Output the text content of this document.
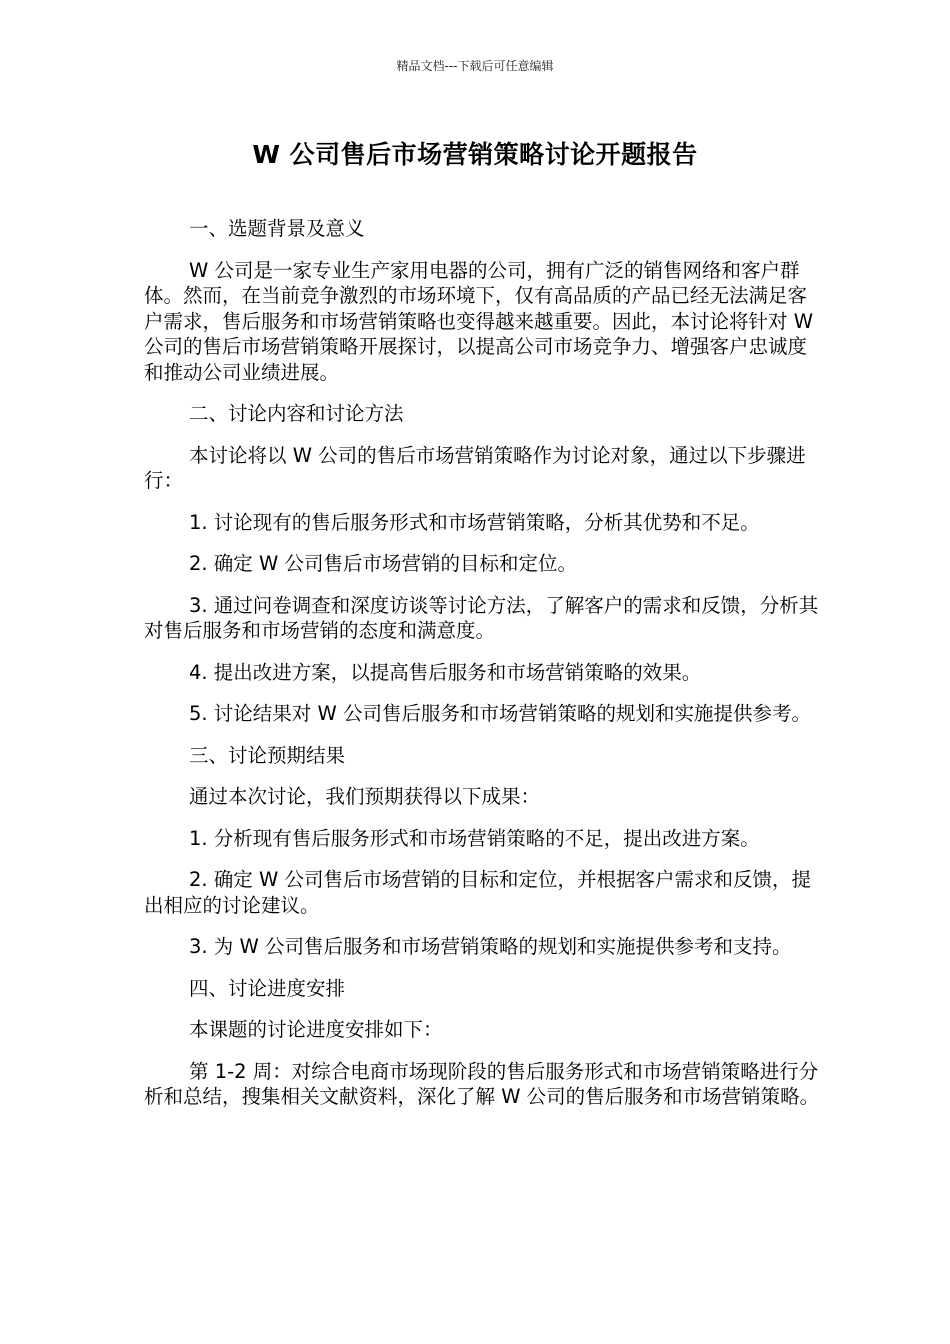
精品文档---下载后可任意编辑
W 公司售后市场营销策略讨论开题报告

一、选题背景及意义

W 公司是一家专业生产家用电器的公司，拥有广泛的销售网络和客户群体。然而，在当前竞争激烈的市场环境下，仅有高品质的产品已经无法满足客户需求，售后服务和市场营销策略也变得越来越重要。因此，本讨论将针对 W 公司的售后市场营销策略开展探讨，以提高公司市场竞争力、增强客户忠诚度和推动公司业绩进展。

二、讨论内容和讨论方法

本讨论将以 W 公司的售后市场营销策略作为讨论对象，通过以下步骤进行：

1. 讨论现有的售后服务形式和市场营销策略，分析其优势和不足。

2. 确定 W 公司售后市场营销的目标和定位。

3. 通过问卷调查和深度访谈等讨论方法，了解客户的需求和反馈，分析其对售后服务和市场营销的态度和满意度。

4. 提出改进方案，以提高售后服务和市场营销策略的效果。

5. 讨论结果对 W 公司售后服务和市场营销策略的规划和实施提供参考。

三、讨论预期结果

通过本次讨论，我们预期获得以下成果：

1. 分析现有售后服务形式和市场营销策略的不足，提出改进方案。

2. 确定 W 公司售后市场营销的目标和定位，并根据客户需求和反馈，提出相应的讨论建议。

3. 为 W 公司售后服务和市场营销策略的规划和实施提供参考和支持。

四、讨论进度安排

本课题的讨论进度安排如下：

第 1-2 周：对综合电商市场现阶段的售后服务形式和市场营销策略进行分析和总结，搜集相关文献资料，深化了解 W 公司的售后服务和市场营销策略。
